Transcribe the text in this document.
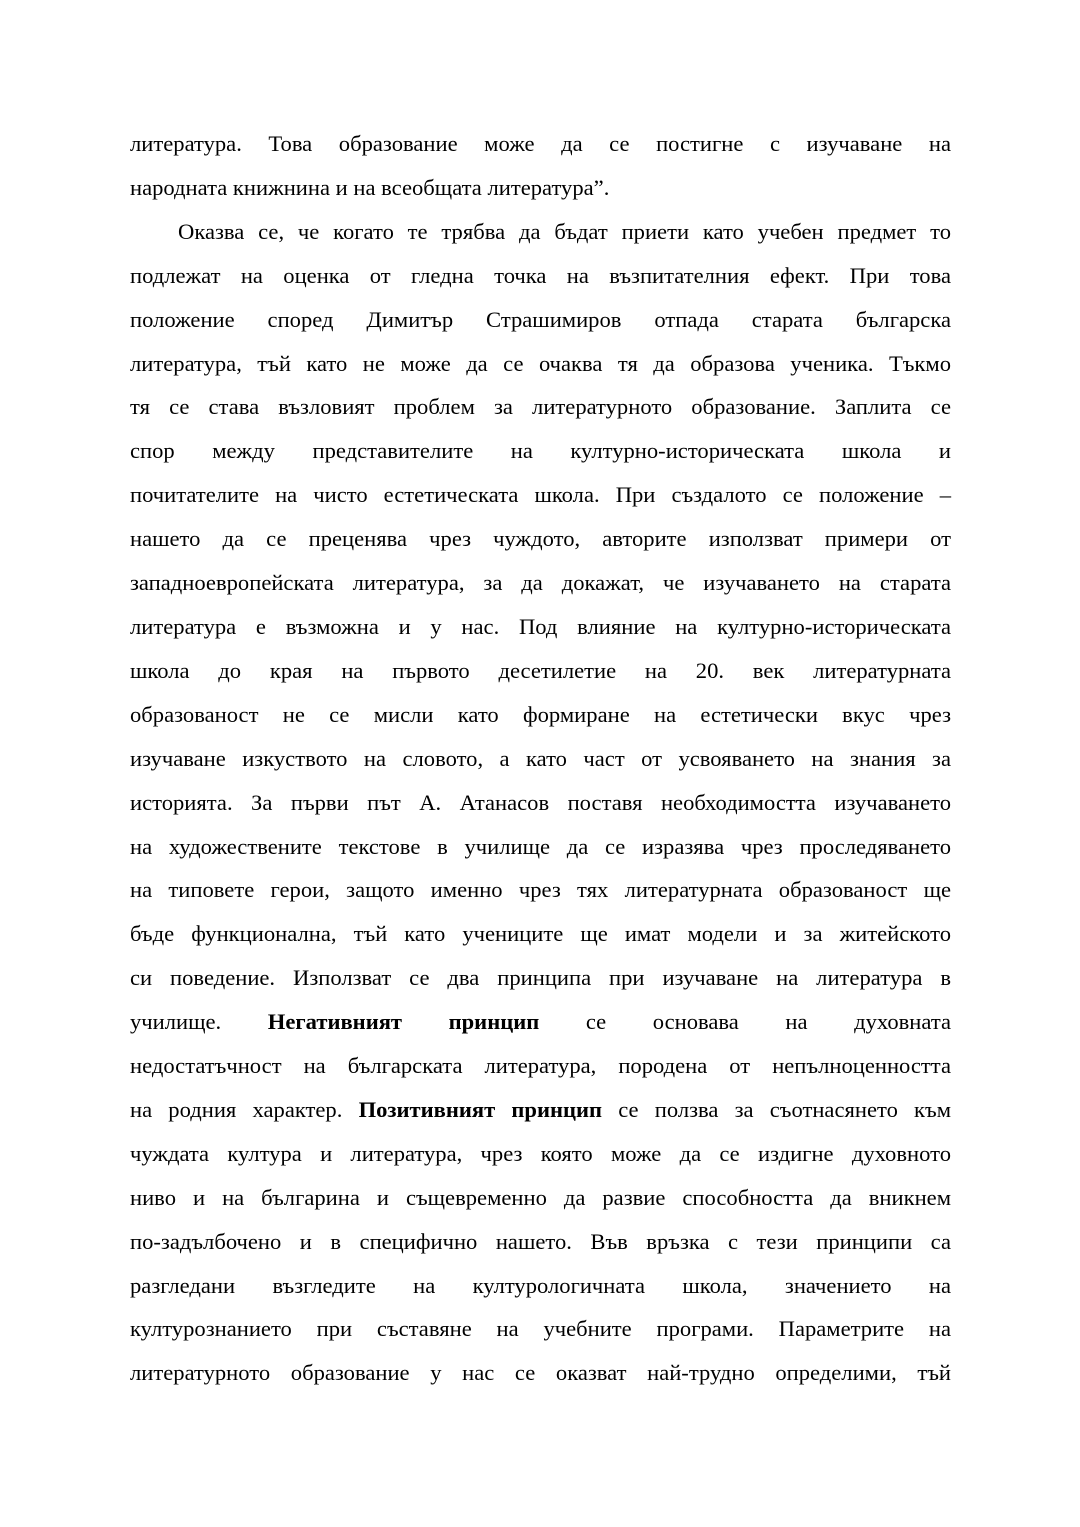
литература. Това образование може да се постигне с изучаване на
народната книжнина и на всеобщата литература”.

Оказва се, че когато те трябва да бъдат приети като учебен предмет то
подлежат на оценка от гледна точка на възпитателния ефект. При това
положение според Димитър Страшимиров отпада старата българска
литература, тъй като не може да се очаква тя да образова ученика. Тъкмо
тя се става възловият проблем за литературното образование. Заплита се
спор между представителите на културно-историческата школа и
почитателите на чисто естетическата школа. При създалото се положение –
нашето да се преценява чрез чуждото, авторите използват примери от
западноевропейската литература, за да докажат, че изучаването на старата
литература е възможна и у нас. Под влияние на културно-историческата
школа до края на първото десетилетие на 20. век литературната
образованост не се мисли като формиране на естетически вкус чрез
изучаване изкуството на словото, а като част от усвояването на знания за
историята. За първи път А. Атанасов поставя необходимостта изучаването
на художествените текстове в училище да се изразява чрез проследяването
на типовете герои, защото именно чрез тях литературната образованост ще
бъде функционална, тъй като учениците ще имат модели и за житейското
си поведение. Използват се два принципа при изучаване на литература в
училище. Негативният принцип се основава на духовната
недостатъчност на българската литература, породена от непълноценността
на родния характер. Позитивният принцип се ползва за съотнасянето към
чуждата култура и литература, чрез която може да се издигне духовното
ниво и на българина и същевременно да развие способността да вникнем
по-задълбочено и в специфично нашето. Във връзка с тези принципи са
разгледани възгледите на културологичната школа, значението на
културознанието при съставяне на учебните програми. Параметрите на
литературното образование у нас се оказват най-трудно определими, тъй
